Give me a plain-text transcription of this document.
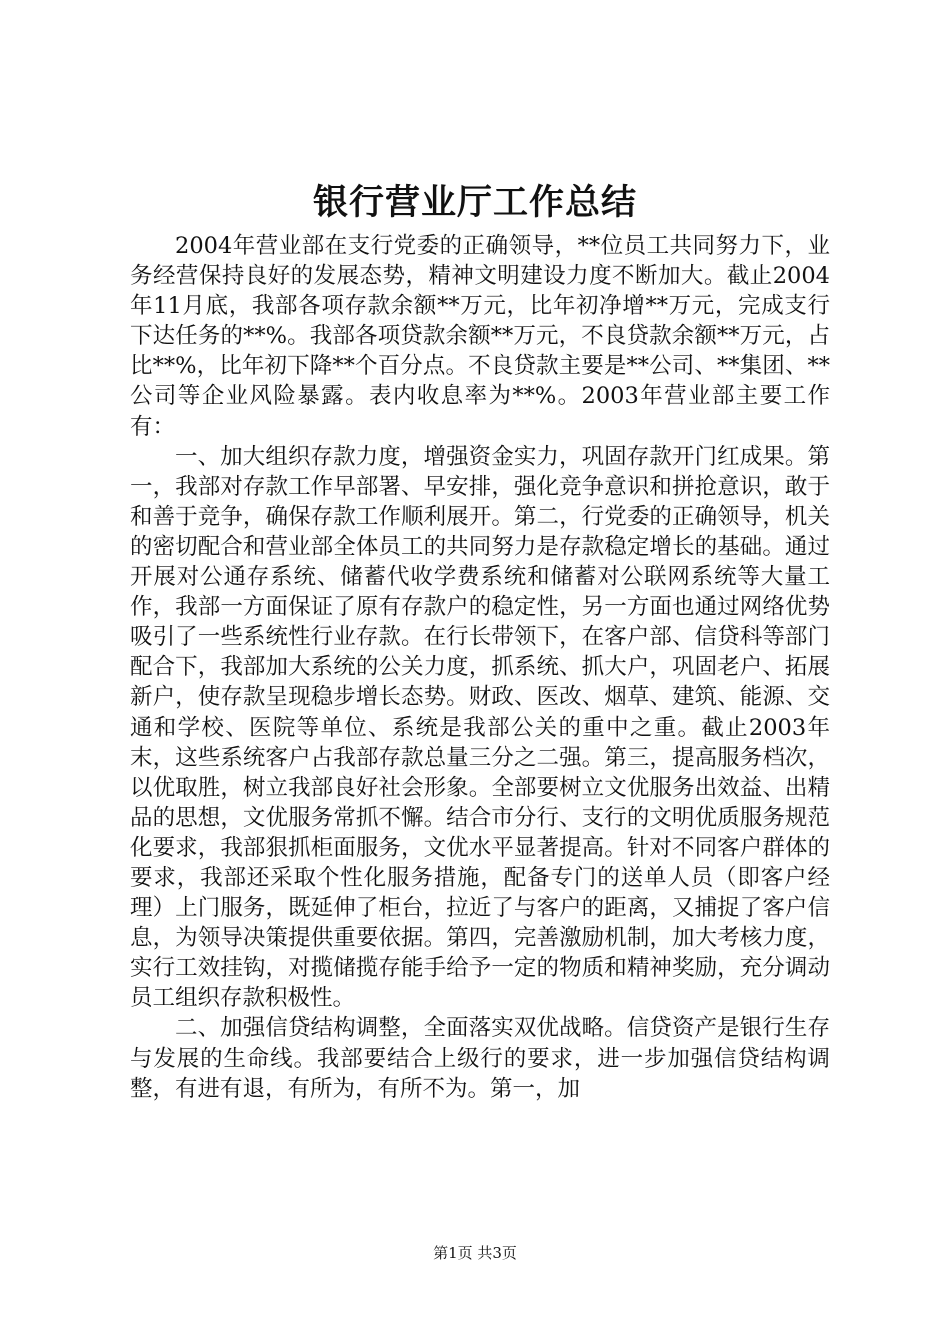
银行营业厅工作总结

2004年营业部在支行党委的正确领导，**位员工共同努力下，业务经营保持良好的发展态势，精神文明建设力度不断加大。截止2004年11月底，我部各项存款余额**万元，比年初净增**万元，完成支行下达任务的**%。我部各项贷款余额**万元，不良贷款余额**万元，占比**%，比年初下降**个百分点。不良贷款主要是**公司、**集团、**公司等企业风险暴露。表内收息率为**%。2003年营业部主要工作有：

一、加大组织存款力度，增强资金实力，巩固存款开门红成果。第一，我部对存款工作早部署、早安排，强化竞争意识和拼抢意识，敢于和善于竞争，确保存款工作顺利展开。第二，行党委的正确领导，机关的密切配合和营业部全体员工的共同努力是存款稳定增长的基础。通过开展对公通存系统、储蓄代收学费系统和储蓄对公联网系统等大量工作，我部一方面保证了原有存款户的稳定性，另一方面也通过网络优势吸引了一些系统性行业存款。在行长带领下，在客户部、信贷科等部门配合下，我部加大系统的公关力度，抓系统、抓大户，巩固老户、拓展新户，使存款呈现稳步增长态势。财政、医改、烟草、建筑、能源、交通和学校、医院等单位、系统是我部公关的重中之重。截止2003年末，这些系统客户占我部存款总量三分之二强。第三，提高服务档次，以优取胜，树立我部良好社会形象。全部要树立文优服务出效益、出精品的思想，文优服务常抓不懈。结合市分行、支行的文明优质服务规范化要求，我部狠抓柜面服务，文优水平显著提高。针对不同客户群体的要求，我部还采取个性化服务措施，配备专门的送单人员（即客户经理）上门服务，既延伸了柜台，拉近了与客户的距离，又捕捉了客户信息，为领导决策提供重要依据。第四，完善激励机制，加大考核力度，实行工效挂钩，对揽储揽存能手给予一定的物质和精神奖励，充分调动员工组织存款积极性。

二、加强信贷结构调整，全面落实双优战略。信贷资产是银行生存与发展的生命线。我部要结合上级行的要求，进一步加强信贷结构调整，有进有退，有所为，有所不为。第一，加

第1页 共3页
